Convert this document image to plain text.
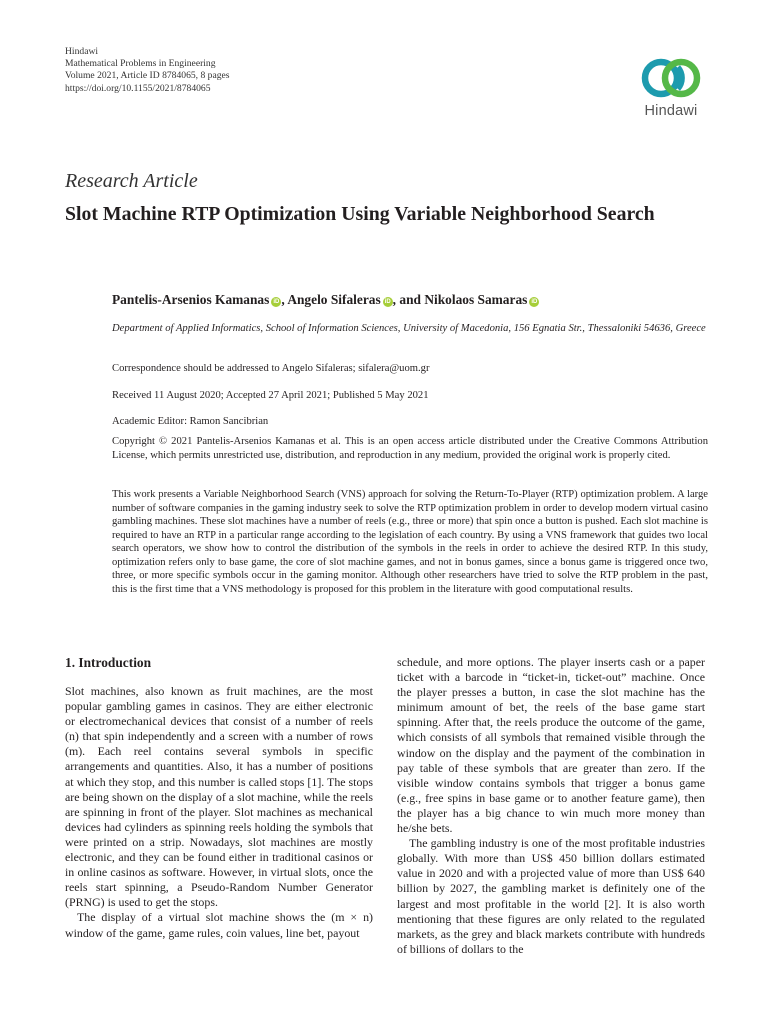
Hindawi
Mathematical Problems in Engineering
Volume 2021, Article ID 8784065, 8 pages
https://doi.org/10.1155/2021/8784065
Hindawi
Research Article
Slot Machine RTP Optimization Using Variable Neighborhood Search
Pantelis-Arsenios Kamanas iD , Angelo Sifaleras iD , and Nikolaos Samaras iD
Department of Applied Informatics, School of Information Sciences, University of Macedonia, 156 Egnatia Str., Thessaloniki 54636, Greece
Correspondence should be addressed to Angelo Sifaleras; sifalera@uom.gr
Received 11 August 2020; Accepted 27 April 2021; Published 5 May 2021
Academic Editor: Ramon Sancibrian
Copyright © 2021 Pantelis-Arsenios Kamanas et al. This is an open access article distributed under the Creative Commons Attribution License, which permits unrestricted use, distribution, and reproduction in any medium, provided the original work is properly cited.
This work presents a Variable Neighborhood Search (VNS) approach for solving the Return-To-Player (RTP) optimization problem. A large number of software companies in the gaming industry seek to solve the RTP optimization problem in order to develop modern virtual casino gambling machines. These slot machines have a number of reels (e.g., three or more) that spin once a button is pushed. Each slot machine is required to have an RTP in a particular range according to the legislation of each country. By using a VNS framework that guides two local search operators, we show how to control the distribution of the symbols in the reels in order to achieve the desired RTP. In this study, optimization refers only to base game, the core of slot machine games, and not in bonus games, since a bonus game is triggered once two, three, or more specific symbols occur in the gaming monitor. Although other researchers have tried to solve the RTP problem in the past, this is the first time that a VNS methodology is proposed for this problem in the literature with good computational results.
1. Introduction

Slot machines, also known as fruit machines, are the most popular gambling games in casinos. They are either electronic or electromechanical devices that consist of a number of reels (n) that spin independently and a screen with a number of rows (m). Each reel contains several symbols in specific arrangements and quantities. Also, it has a number of positions at which they stop, and this number is called stops [1]. The stops are being shown on the display of a slot machine, while the reels are spinning in front of the player. Slot machines as mechanical devices had cylinders as spinning reels holding the symbols that were printed on a strip. Nowadays, slot machines are mostly electronic, and they can be found either in traditional casinos or in online casinos as software. However, in virtual slots, once the reels start spinning, a Pseudo-Random Number Generator (PRNG) is used to get the stops.

The display of a virtual slot machine shows the (m × n) window of the game, game rules, coin values, line bet, payout

schedule, and more options. The player inserts cash or a paper ticket with a barcode in “ticket-in, ticket-out” machine. Once the player presses a button, in case the slot machine has the minimum amount of bet, the reels of the base game start spinning. After that, the reels produce the outcome of the game, which consists of all symbols that remained visible through the window on the display and the payment of the combination in pay table of these symbols that are greater than zero. If the visible window contains symbols that trigger a bonus game (e.g., free spins in base game or to another feature game), then the player has a big chance to win much more money than he/she bets.

The gambling industry is one of the most profitable industries globally. With more than US$ 450 billion dollars estimated value in 2020 and with a projected value of more than US$ 640 billion by 2027, the gambling market is definitely one of the largest and most profitable in the world [2]. It is also worth mentioning that these figures are only related to the regulated markets, as the grey and black markets contribute with hundreds of billions of dollars to the
